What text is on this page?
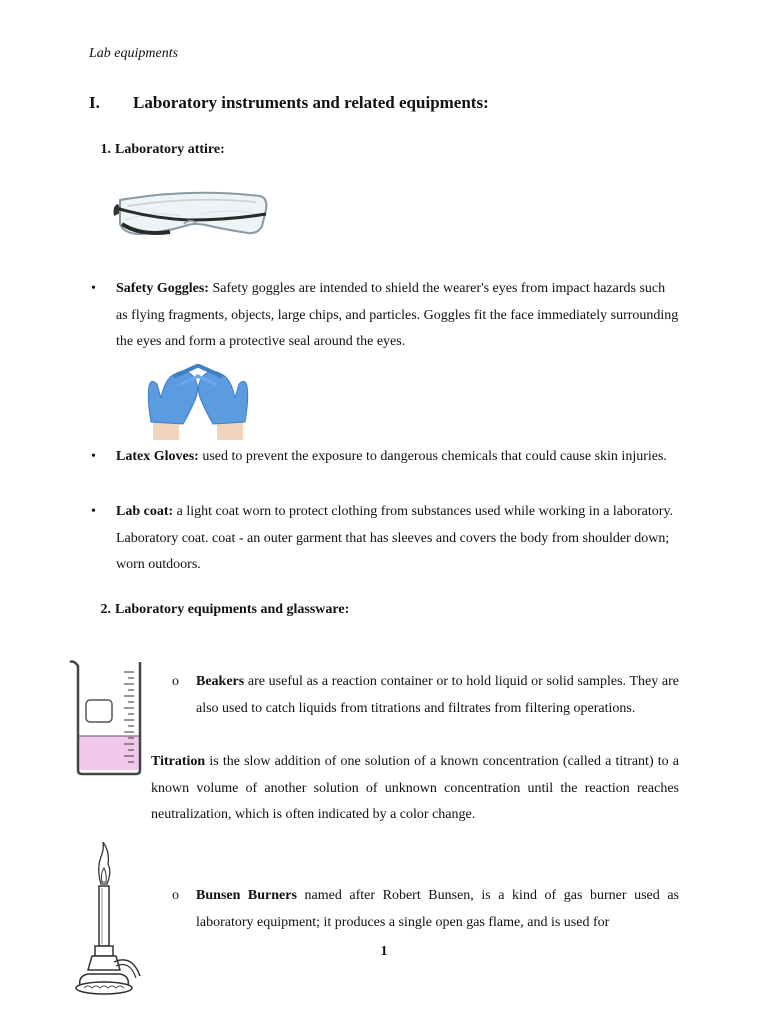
Lab equipments
I. Laboratory instruments and related equipments:
1. Laboratory attire:
•	Safety Goggles: Safety goggles are intended to shield the wearer's eyes from impact hazards such as flying fragments, objects, large chips, and particles. Goggles fit the face immediately surrounding the eyes and form a protective seal around the eyes.
•	Latex Gloves: used to prevent the exposure to dangerous chemicals that could cause skin injuries.
•	Lab coat: a light coat worn to protect clothing from substances used while working in a laboratory. Laboratory coat. coat - an outer garment that has sleeves and covers the body from shoulder down; worn outdoors.
2. Laboratory equipments and glassware:
o	Beakers are useful as a reaction container or to hold liquid or solid samples. They are also used to catch liquids from titrations and filtrates from filtering operations.
Titration is the slow addition of one solution of a known concentration (called a titrant) to a known volume of another solution of unknown concentration until the reaction reaches neutralization, which is often indicated by a color change.
o	Bunsen Burners named after Robert Bunsen, is a kind of gas burner used as laboratory equipment; it produces a single open gas flame, and is used for
1
